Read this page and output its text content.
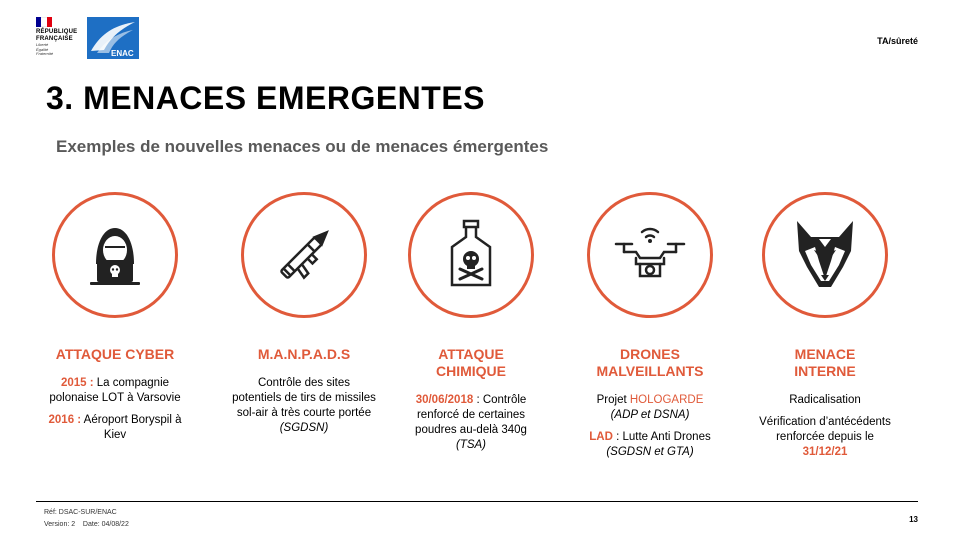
RÉPUBLIQUE
FRANÇAISE
Liberté
Égalité
Fraternité	ENAC
TA/sûreté
3. MENACES EMERGENTES
Exemples de nouvelles menaces ou de menaces émergentes
ATTAQUE CYBER

2015 : La compagnie polonaise LOT à Varsovie

2016 : Aéroport Boryspil à Kiev

M.A.N.P.A.D.S

Contrôle des sites potentiels de tirs de missiles sol-air à très courte portée

(SGDSN)

ATTAQUE
CHIMIQUE

30/06/2018 : Contrôle renforcé de certaines poudres au-delà 340g
(TSA)

DRONES
MALVEILLANTS

Projet HOLOGARDE
(ADP et DSNA)

LAD : Lutte Anti Drones
(SGDSN et GTA)

MENACE
INTERNE

Radicalisation

Vérification d’antécédents renforcée depuis le
31/12/21

Réf: DSAC-SUR/ENAC
Version: 2 Date: 04/08/22
13
